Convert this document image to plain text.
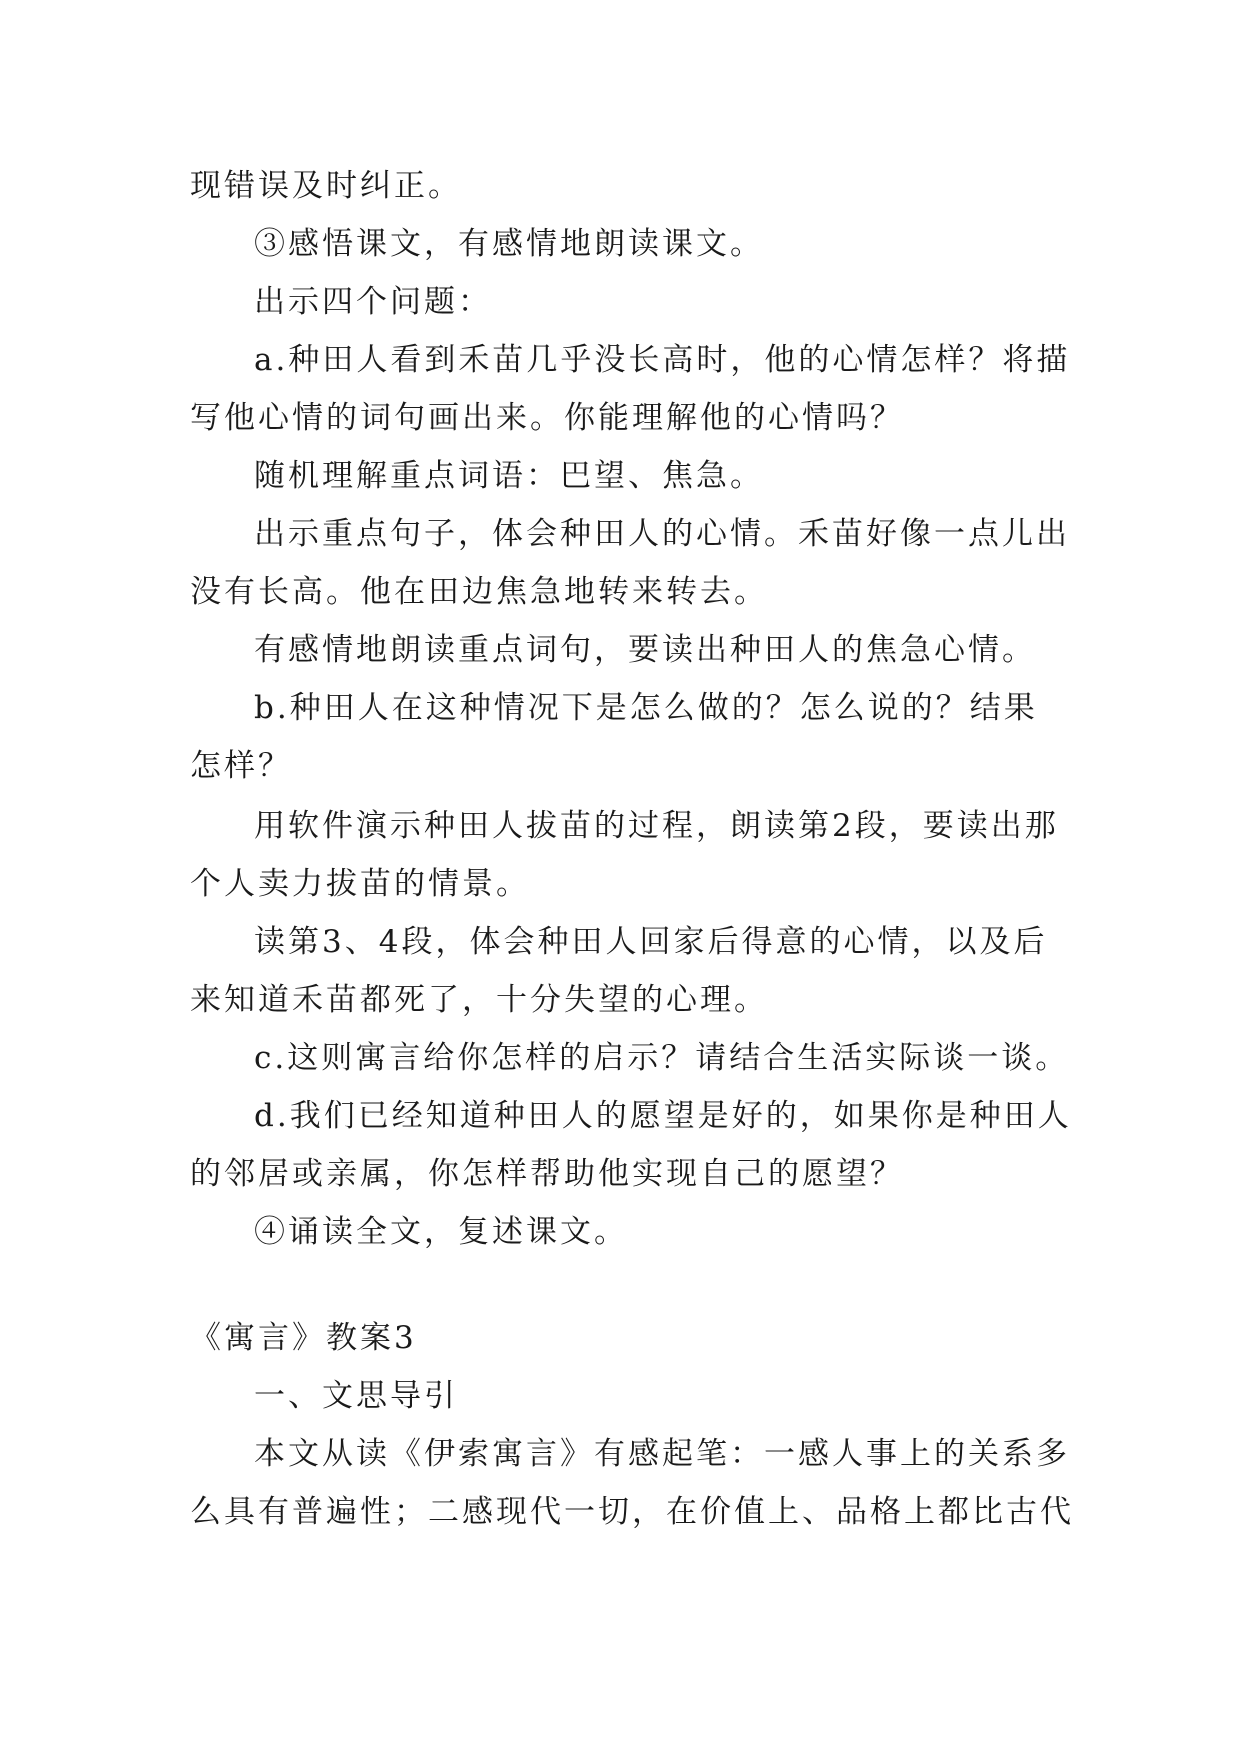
现错误及时纠正。
③感悟课文，有感情地朗读课文。
出示四个问题：
a.种田人看到禾苗几乎没长高时，他的心情怎样？将描
写他心情的词句画出来。你能理解他的心情吗？
随机理解重点词语：巴望、焦急。
出示重点句子，体会种田人的心情。禾苗好像一点儿出
没有长高。他在田边焦急地转来转去。
有感情地朗读重点词句，要读出种田人的焦急心情。
b.种田人在这种情况下是怎么做的？怎么说的？结果
怎样？
用软件演示种田人拔苗的过程，朗读第2段，要读出那
个人卖力拔苗的情景。
读第3、4段，体会种田人回家后得意的心情，以及后
来知道禾苗都死了，十分失望的心理。
c.这则寓言给你怎样的启示？请结合生活实际谈一谈。
d.我们已经知道种田人的愿望是好的，如果你是种田人
的邻居或亲属，你怎样帮助他实现自己的愿望？
④诵读全文，复述课文。
《寓言》教案3
一、文思导引
本文从读《伊索寓言》有感起笔：一感人事上的关系多
么具有普遍性；二感现代一切，在价值上、品格上都比古代
